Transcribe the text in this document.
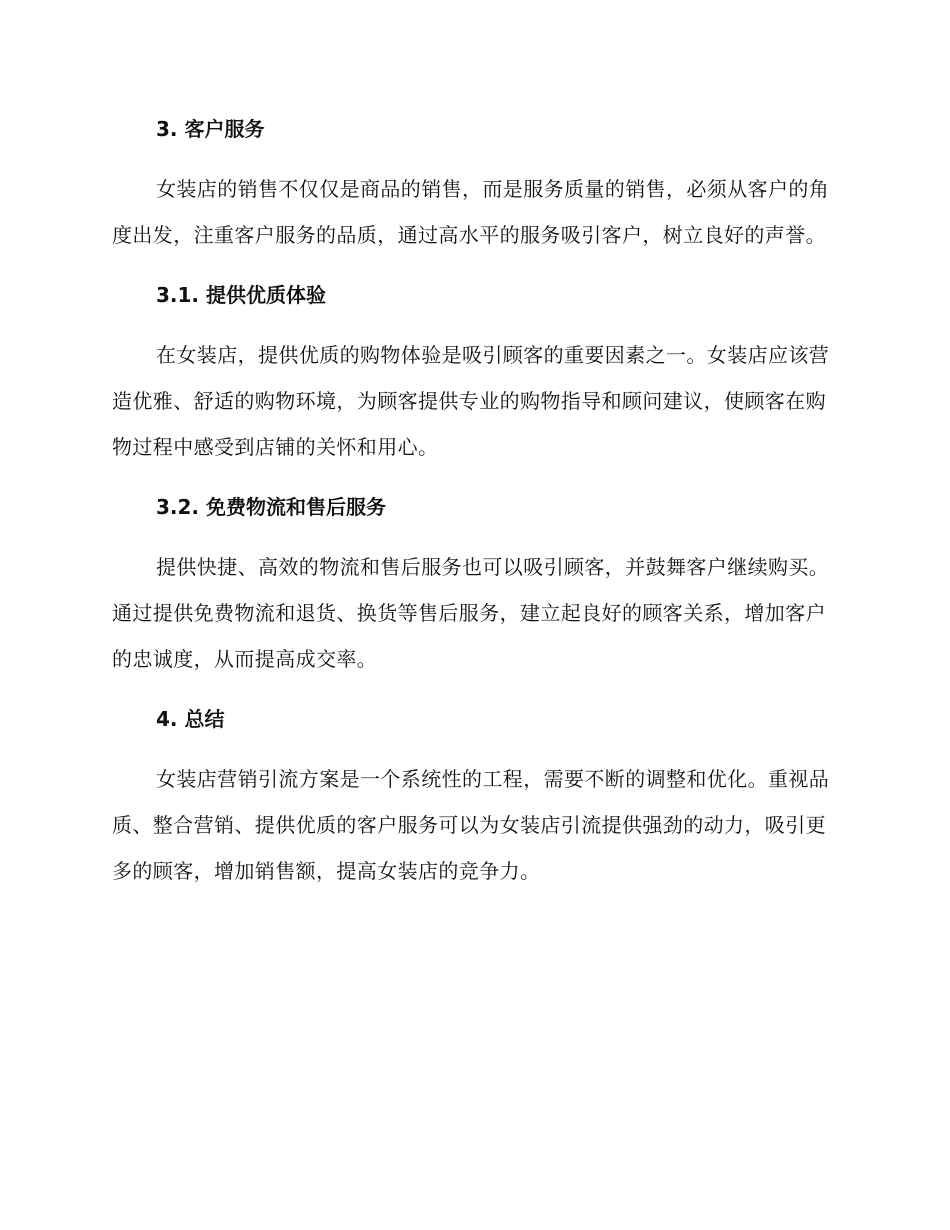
3. 客户服务

女装店的销售不仅仅是商品的销售，而是服务质量的销售，必须从客户的角度出发，注重客户服务的品质，通过高水平的服务吸引客户，树立良好的声誉。

3.1. 提供优质体验

在女装店，提供优质的购物体验是吸引顾客的重要因素之一。女装店应该营造优雅、舒适的购物环境，为顾客提供专业的购物指导和顾问建议，使顾客在购物过程中感受到店铺的关怀和用心。

3.2. 免费物流和售后服务

提供快捷、高效的物流和售后服务也可以吸引顾客，并鼓舞客户继续购买。通过提供免费物流和退货、换货等售后服务，建立起良好的顾客关系，增加客户的忠诚度，从而提高成交率。

4. 总结

女装店营销引流方案是一个系统性的工程，需要不断的调整和优化。重视品质、整合营销、提供优质的客户服务可以为女装店引流提供强劲的动力，吸引更多的顾客，增加销售额，提高女装店的竞争力。
